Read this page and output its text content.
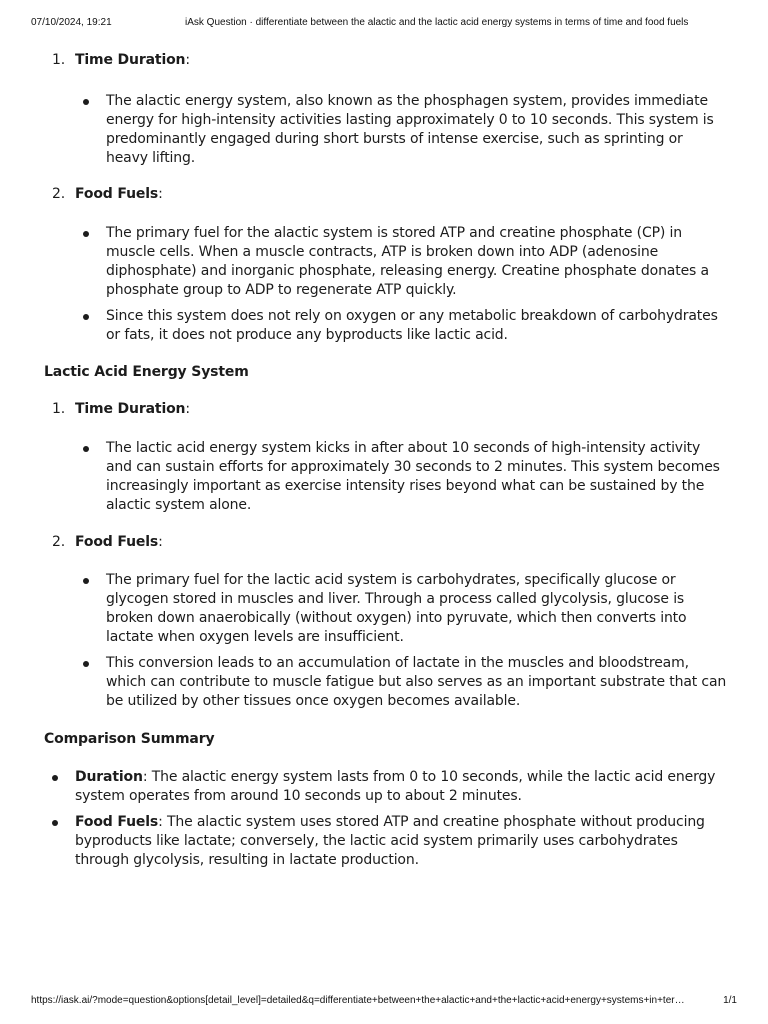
07/10/2024, 19:21	iAsk Question · differentiate between the alactic and the lactic acid energy systems in terms of time and food fuels

1. Time Duration:

The alactic energy system, also known as the phosphagen system, provides immediate energy for high-intensity activities lasting approximately 0 to 10 seconds. This system is predominantly engaged during short bursts of intense exercise, such as sprinting or heavy lifting.

2. Food Fuels:

The primary fuel for the alactic system is stored ATP and creatine phosphate (CP) in muscle cells. When a muscle contracts, ATP is broken down into ADP (adenosine diphosphate) and inorganic phosphate, releasing energy. Creatine phosphate donates a phosphate group to ADP to regenerate ATP quickly.
Since this system does not rely on oxygen or any metabolic breakdown of carbohydrates or fats, it does not produce any byproducts like lactic acid.

Lactic Acid Energy System

1. Time Duration:

The lactic acid energy system kicks in after about 10 seconds of high-intensity activity and can sustain efforts for approximately 30 seconds to 2 minutes. This system becomes increasingly important as exercise intensity rises beyond what can be sustained by the alactic system alone.

2. Food Fuels:

The primary fuel for the lactic acid system is carbohydrates, specifically glucose or glycogen stored in muscles and liver. Through a process called glycolysis, glucose is broken down anaerobically (without oxygen) into pyruvate, which then converts into lactate when oxygen levels are insufficient.
This conversion leads to an accumulation of lactate in the muscles and bloodstream, which can contribute to muscle fatigue but also serves as an important substrate that can be utilized by other tissues once oxygen becomes available.

Comparison Summary

Duration: The alactic energy system lasts from 0 to 10 seconds, while the lactic acid energy system operates from around 10 seconds up to about 2 minutes.
Food Fuels: The alactic system uses stored ATP and creatine phosphate without producing byproducts like lactate; conversely, the lactic acid system primarily uses carbohydrates through glycolysis, resulting in lactate production.
https://iask.ai/?mode=question&options[detail_level]=detailed&q=differentiate+between+the+alactic+and+the+lactic+acid+energy+systems+in+ter…	1/1
